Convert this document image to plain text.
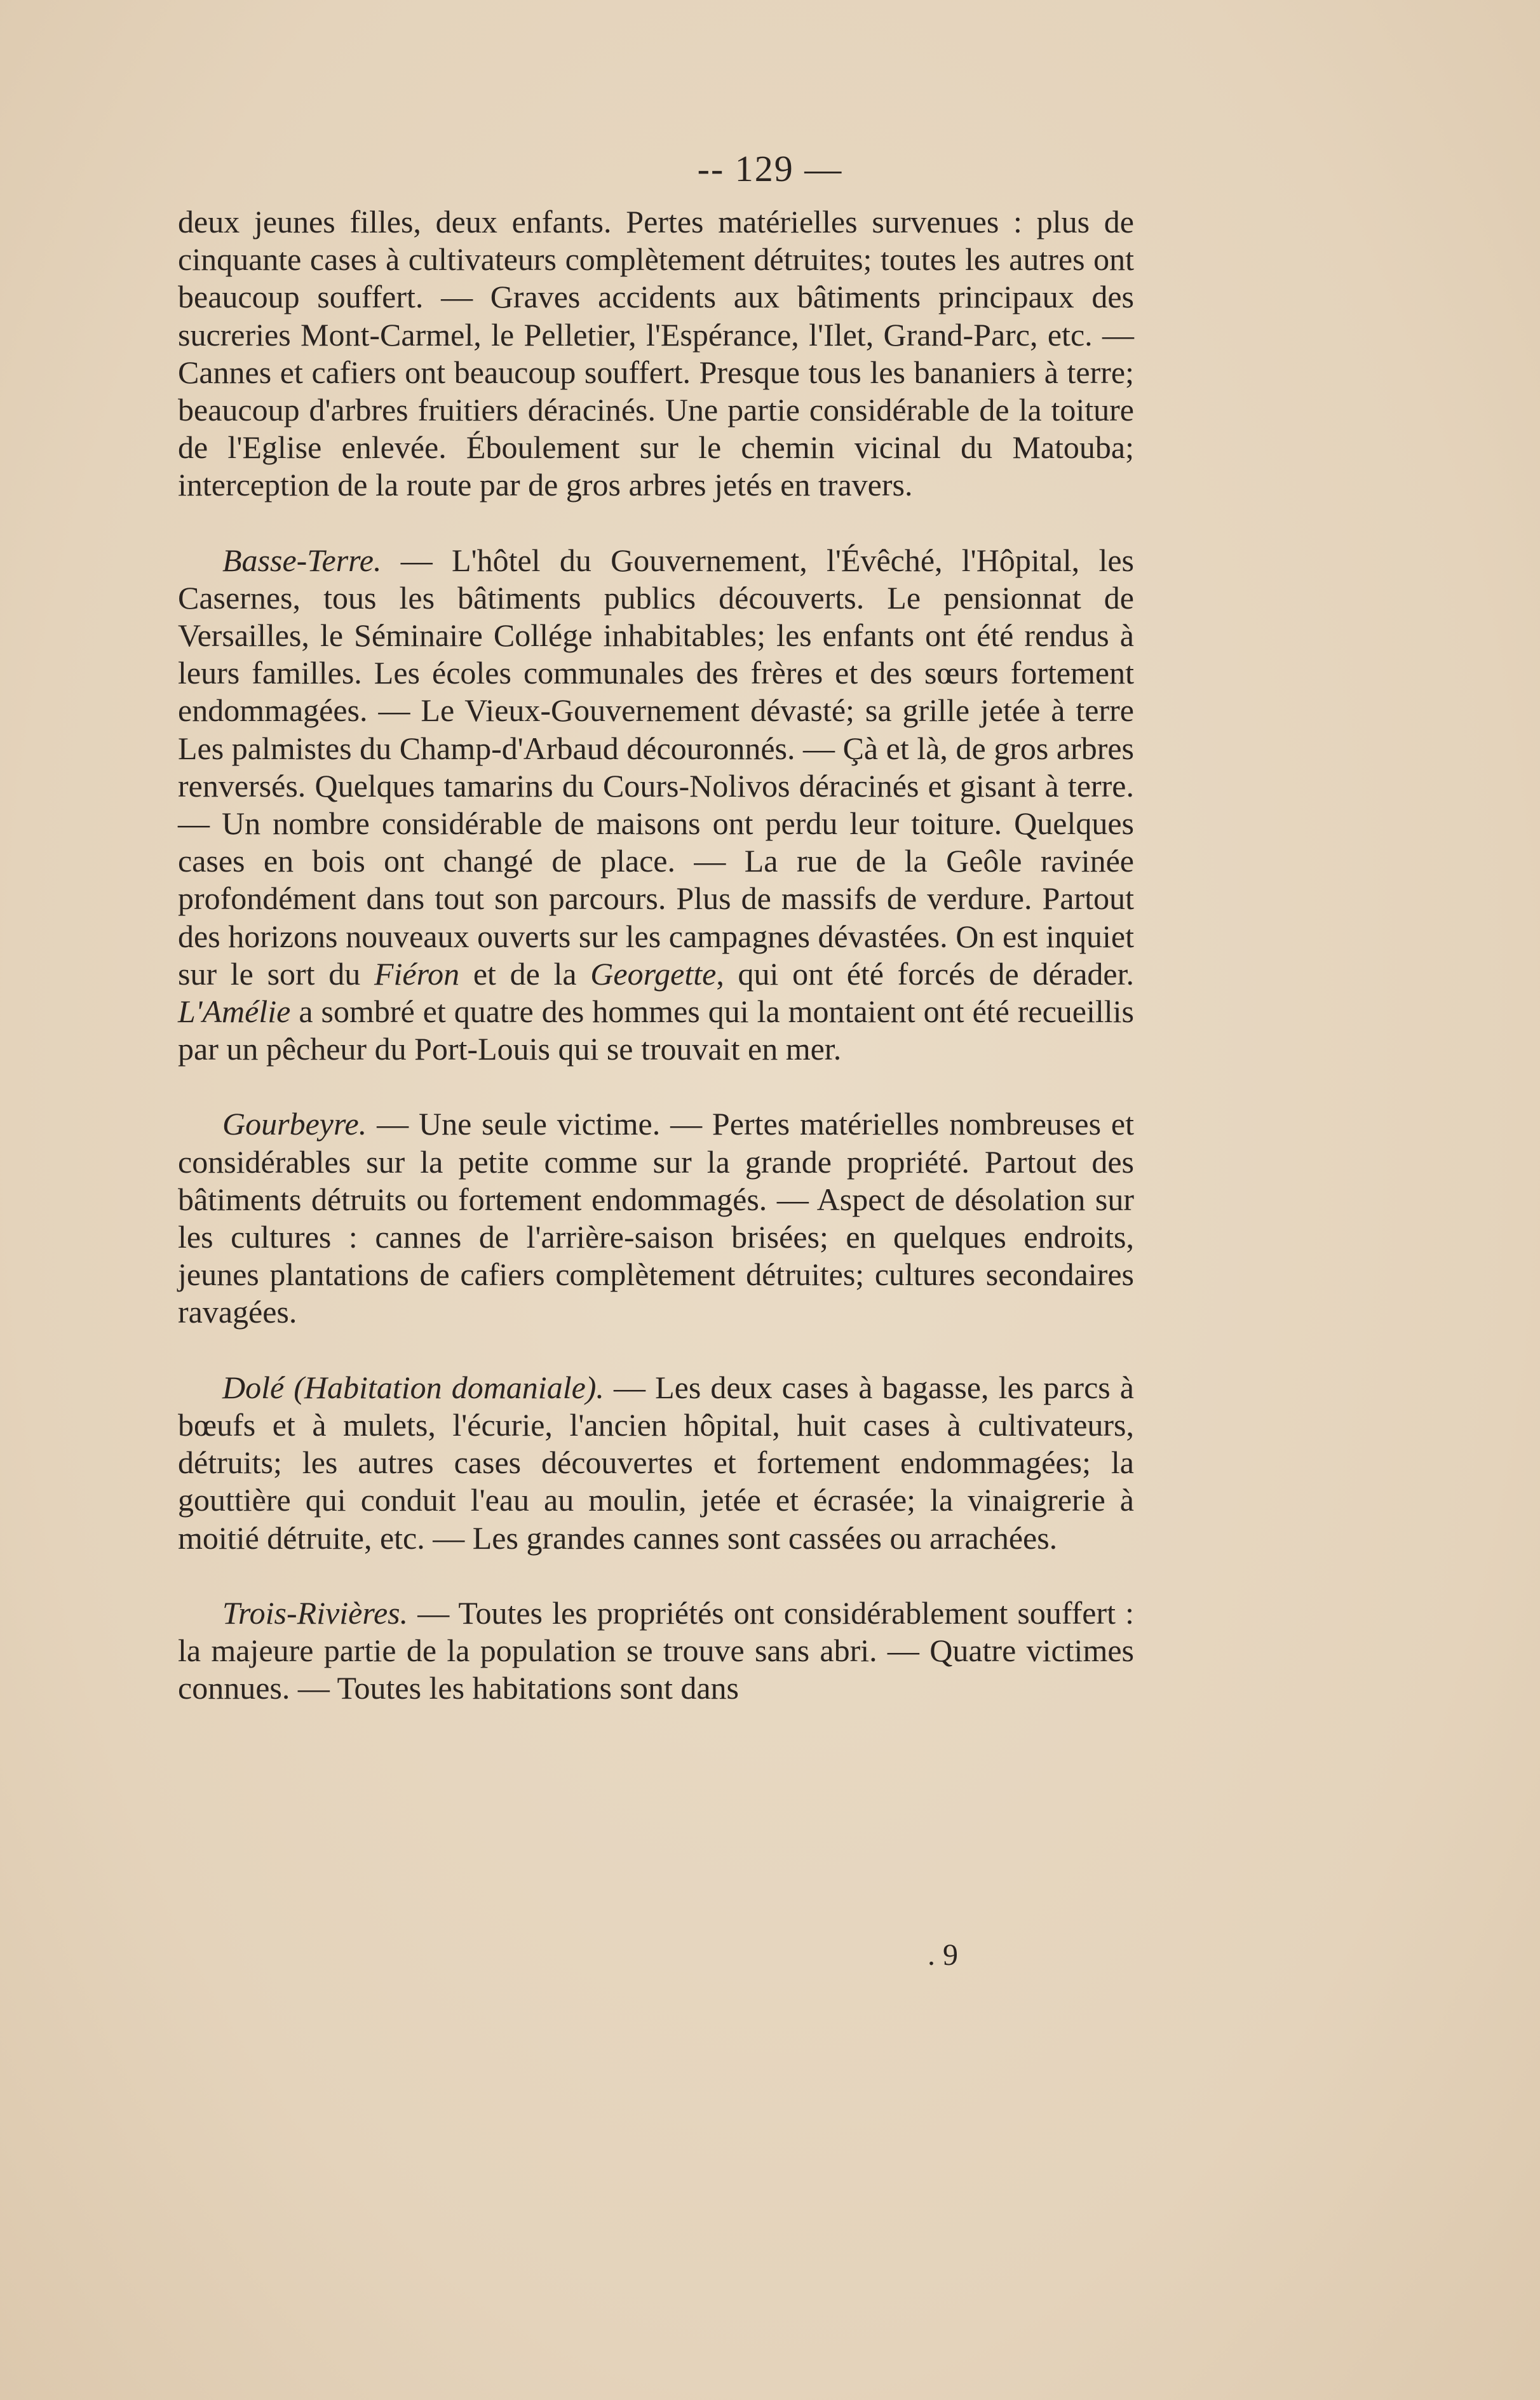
-- 129 —

deux jeunes filles, deux enfants. Pertes matérielles survenues : plus de cinquante cases à cultivateurs complètement détruites; toutes les autres ont beaucoup souffert. — Graves accidents aux bâtiments principaux des sucreries Mont-Carmel, le Pelletier, l'Espérance, l'Ilet, Grand-Parc, etc. — Cannes et cafiers ont beaucoup souffert. Presque tous les bananiers à terre; beaucoup d'arbres fruitiers déracinés. Une partie considérable de la toiture de l'Eglise enlevée. Éboulement sur le chemin vicinal du Matouba; interception de la route par de gros arbres jetés en travers.

Basse-Terre. — L'hôtel du Gouvernement, l'Évêché, l'Hôpital, les Casernes, tous les bâtiments publics découverts. Le pensionnat de Versailles, le Séminaire Collége inhabitables; les enfants ont été rendus à leurs familles. Les écoles communales des frères et des sœurs fortement endommagées. — Le Vieux-Gouvernement dévasté; sa grille jetée à terre Les palmistes du Champ-d'Arbaud découronnés. — Çà et là, de gros arbres renversés. Quelques tamarins du Cours-Nolivos déracinés et gisant à terre. — Un nombre considérable de maisons ont perdu leur toiture. Quelques cases en bois ont changé de place. — La rue de la Geôle ravinée profondément dans tout son parcours. Plus de massifs de verdure. Partout des horizons nouveaux ouverts sur les campagnes dévastées. On est inquiet sur le sort du Fiéron et de la Georgette, qui ont été forcés de dérader. L'Amélie a sombré et quatre des hommes qui la montaient ont été recueillis par un pêcheur du Port-Louis qui se trouvait en mer.

Gourbeyre. — Une seule victime. — Pertes matérielles nombreuses et considérables sur la petite comme sur la grande propriété. Partout des bâtiments détruits ou fortement endommagés. — Aspect de désolation sur les cultures : cannes de l'arrière-saison brisées; en quelques endroits, jeunes plantations de cafiers complètement détruites; cultures secondaires ravagées.

Dolé (Habitation domaniale). — Les deux cases à bagasse, les parcs à bœufs et à mulets, l'écurie, l'ancien hôpital, huit cases à cultivateurs, détruits; les autres cases découvertes et fortement endommagées; la gouttière qui conduit l'eau au moulin, jetée et écrasée; la vinaigrerie à moitié détruite, etc. — Les grandes cannes sont cassées ou arrachées.

Trois-Rivières. — Toutes les propriétés ont considérablement souffert : la majeure partie de la population se trouve sans abri. — Quatre victimes connues. — Toutes les habitations sont dans

. 9
